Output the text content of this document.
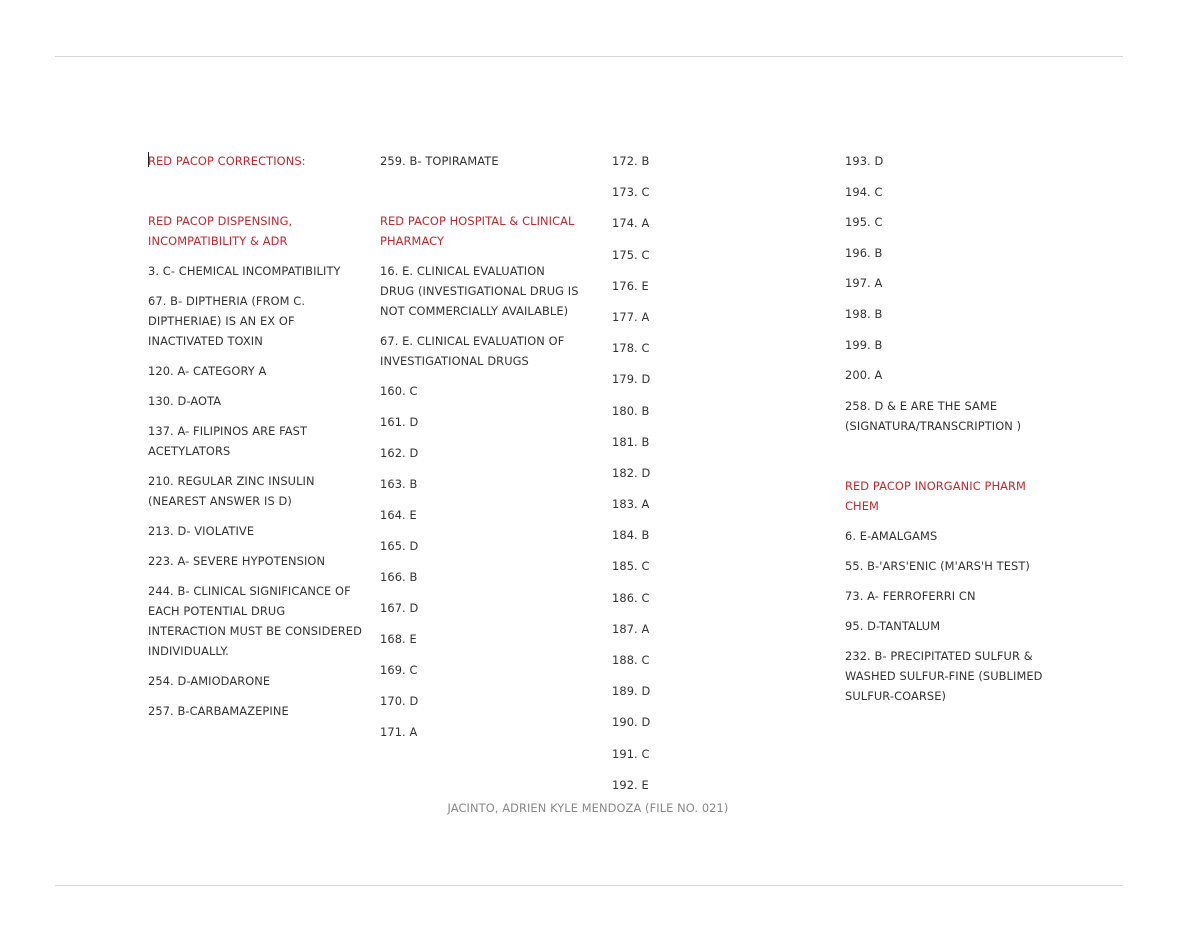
RED PACOP CORRECTIONS:
RED PACOP DISPENSING, INCOMPATIBILITY & ADR
3. C- CHEMICAL INCOMPATIBILITY
67. B- DIPTHERIA (FROM C. DIPTHERIAE) IS AN EX OF INACTIVATED TOXIN
120. A- CATEGORY A
130. D-AOTA
137. A- FILIPINOS ARE FAST ACETYLATORS
210. REGULAR ZINC INSULIN (NEAREST ANSWER IS D)
213. D- VIOLATIVE
223. A- SEVERE HYPOTENSION
244. B- CLINICAL SIGNIFICANCE OF EACH POTENTIAL DRUG INTERACTION MUST BE CONSIDERED INDIVIDUALLY.
254. D-AMIODARONE
257. B-CARBAMAZEPINE
259. B- TOPIRAMATE
RED PACOP HOSPITAL & CLINICAL PHARMACY
16. E. CLINICAL EVALUATION DRUG (INVESTIGATIONAL DRUG IS NOT COMMERCIALLY AVAILABLE)
67. E. CLINICAL EVALUATION OF INVESTIGATIONAL DRUGS
160. C
161. D
162. D
163. B
164. E
165. D
166. B
167. D
168. E
169. C
170. D
171. A
172. B
173. C
174. A
175. C
176. E
177. A
178. C
179. D
180. B
181. B
182. D
183. A
184. B
185. C
186. C
187. A
188. C
189. D
190. D
191. C
192. E
193. D
194. C
195. C
196. B
197. A
198. B
199. B
200. A
258. D & E ARE THE SAME (SIGNATURA/TRANSCRIPTION )
RED PACOP INORGANIC PHARM CHEM
6. E-AMALGAMS
55. B-'ARS'ENIC (M'ARS'H TEST)
73. A- FERROFERRI CN
95. D-TANTALUM
232. B- PRECIPITATED SULFUR & WASHED SULFUR-FINE (SUBLIMED SULFUR-COARSE)
JACINTO, ADRIEN KYLE MENDOZA (FILE NO. 021)
